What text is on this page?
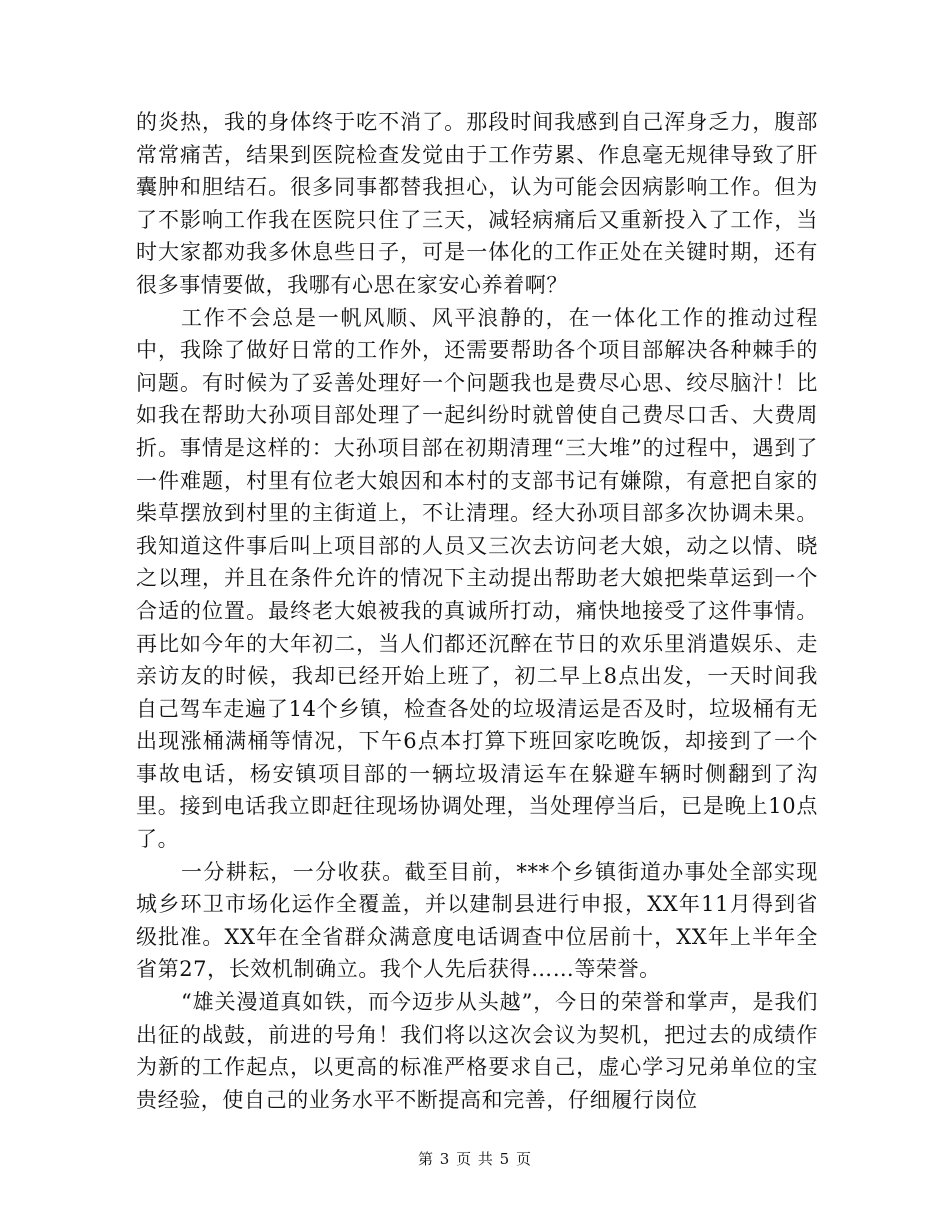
的炎热，我的身体终于吃不消了。那段时间我感到自己浑身乏力，腹部常常痛苦，结果到医院检查发觉由于工作劳累、作息毫无规律导致了肝囊肿和胆结石。很多同事都替我担心，认为可能会因病影响工作。但为了不影响工作我在医院只住了三天，减轻病痛后又重新投入了工作，当时大家都劝我多休息些日子，可是一体化的工作正处在关键时期，还有很多事情要做，我哪有心思在家安心养着啊？

工作不会总是一帆风顺、风平浪静的，在一体化工作的推动过程中，我除了做好日常的工作外，还需要帮助各个项目部解决各种棘手的问题。有时候为了妥善处理好一个问题我也是费尽心思、绞尽脑汁！比如我在帮助大孙项目部处理了一起纠纷时就曾使自己费尽口舌、大费周折。事情是这样的：大孙项目部在初期清理“三大堆”的过程中，遇到了一件难题，村里有位老大娘因和本村的支部书记有嫌隙，有意把自家的柴草摆放到村里的主街道上，不让清理。经大孙项目部多次协调未果。我知道这件事后叫上项目部的人员又三次去访问老大娘，动之以情、晓之以理，并且在条件允许的情况下主动提出帮助老大娘把柴草运到一个合适的位置。最终老大娘被我的真诚所打动，痛快地接受了这件事情。再比如今年的大年初二，当人们都还沉醉在节日的欢乐里消遣娱乐、走亲访友的时候，我却已经开始上班了，初二早上8点出发，一天时间我自己驾车走遍了14个乡镇，检查各处的垃圾清运是否及时，垃圾桶有无出现涨桶满桶等情况，下午6点本打算下班回家吃晚饭，却接到了一个事故电话，杨安镇项目部的一辆垃圾清运车在躲避车辆时侧翻到了沟里。接到电话我立即赶往现场协调处理，当处理停当后，已是晚上10点了。

一分耕耘，一分收获。截至目前，***个乡镇街道办事处全部实现城乡环卫市场化运作全覆盖，并以建制县进行申报，XX年11月得到省级批准。XX年在全省群众满意度电话调查中位居前十，XX年上半年全省第27，长效机制确立。我个人先后获得……等荣誉。

“雄关漫道真如铁，而今迈步从头越”，今日的荣誉和掌声，是我们出征的战鼓，前进的号角！我们将以这次会议为契机，把过去的成绩作为新的工作起点，以更高的标准严格要求自己，虚心学习兄弟单位的宝贵经验，使自己的业务水平不断提高和完善，仔细履行岗位

第 3 页 共 5 页
